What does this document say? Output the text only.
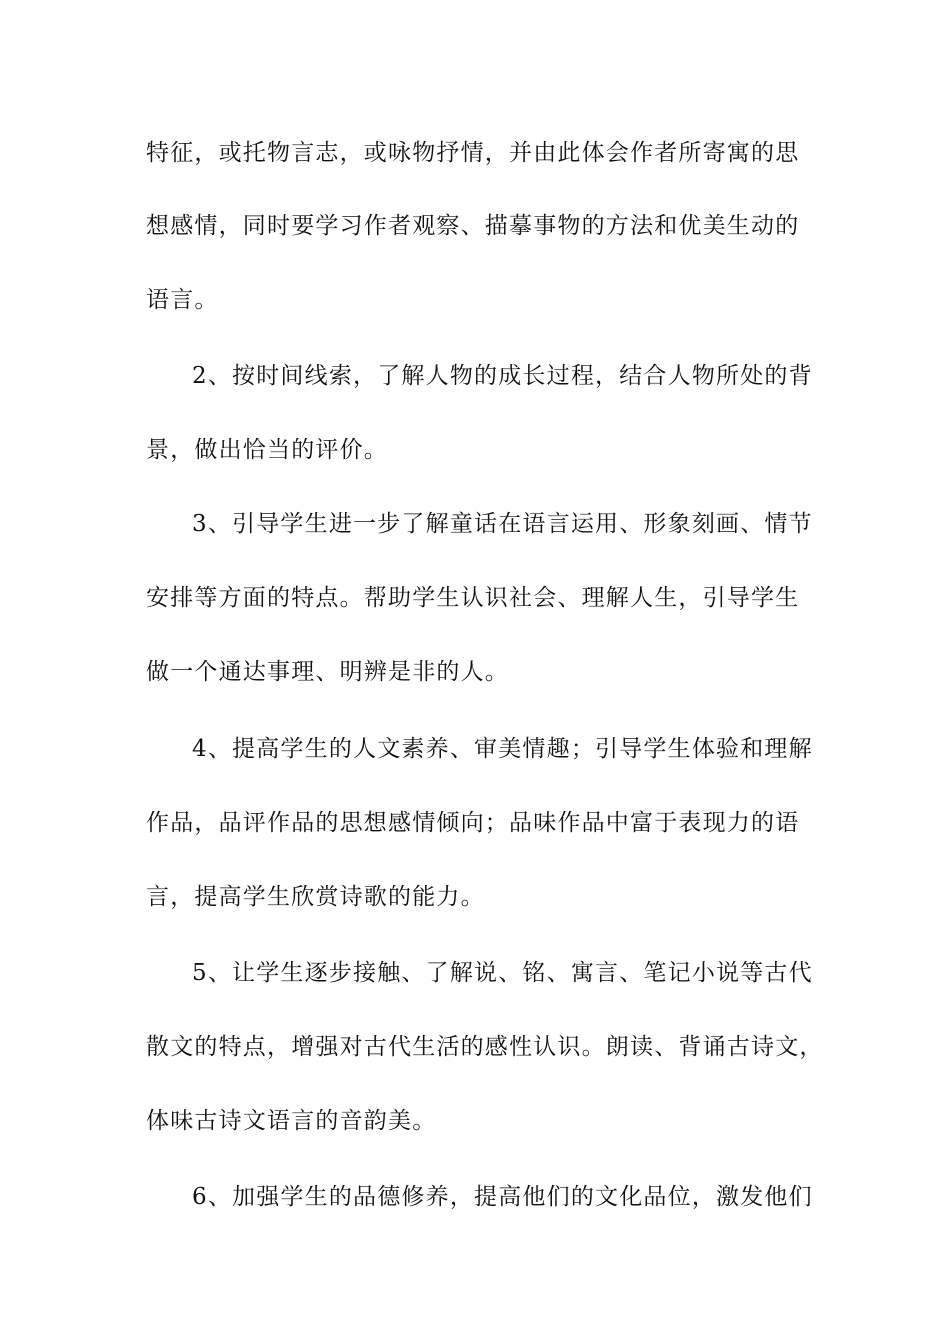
特征，或托物言志，或咏物抒情，并由此体会作者所寄寓的思
想感情，同时要学习作者观察、描摹事物的方法和优美生动的
语言。
2、按时间线索，了解人物的成长过程，结合人物所处的背
景，做出恰当的评价。
3、引导学生进一步了解童话在语言运用、形象刻画、情节
安排等方面的特点。帮助学生认识社会、理解人生，引导学生
做一个通达事理、明辨是非的人。
4、提高学生的人文素养、审美情趣；引导学生体验和理解
作品，品评作品的思想感情倾向；品味作品中富于表现力的语
言，提高学生欣赏诗歌的能力。
5、让学生逐步接触、了解说、铭、寓言、笔记小说等古代
散文的特点，增强对古代生活的感性认识。朗读、背诵古诗文，
体味古诗文语言的音韵美。
6、加强学生的品德修养，提高他们的文化品位，激发他们
